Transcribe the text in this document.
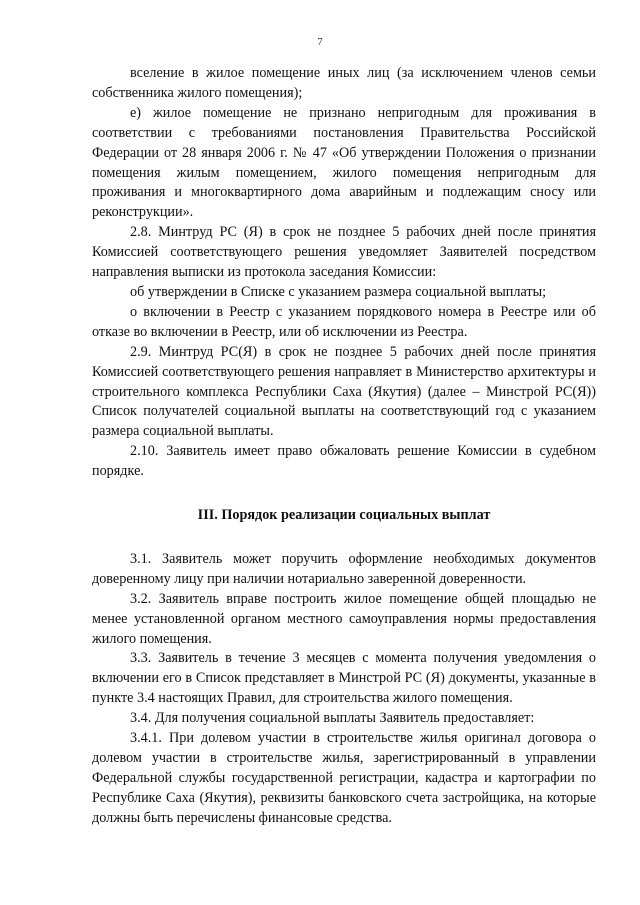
7

вселение в жилое помещение иных лиц (за исключением членов семьи собственника жилого помещения);

е) жилое помещение не признано непригодным для проживания в соответствии с требованиями постановления Правительства Российской Федерации от 28 января 2006 г. № 47 «Об утверждении Положения о признании помещения жилым помещением, жилого помещения непригодным для проживания и многоквартирного дома аварийным и подлежащим сносу или реконструкции».

2.8. Минтруд РС (Я) в срок не позднее 5 рабочих дней после принятия Комиссией соответствующего решения уведомляет Заявителей посредством направления выписки из протокола заседания Комиссии:

об утверждении в Списке с указанием размера социальной выплаты;

о включении в Реестр с указанием порядкового номера в Реестре или об отказе во включении в Реестр, или об исключении из Реестра.

2.9. Минтруд РС(Я) в срок не позднее 5 рабочих дней после принятия Комиссией соответствующего решения направляет в Министерство архитектуры и строительного комплекса Республики Саха (Якутия) (далее – Минстрой РС(Я)) Список получателей социальной выплаты на соответствующий год с указанием размера социальной выплаты.

2.10. Заявитель имеет право обжаловать решение Комиссии в судебном порядке.

III. Порядок реализации социальных выплат

3.1. Заявитель может поручить оформление необходимых документов доверенному лицу при наличии нотариально заверенной доверенности.

3.2. Заявитель вправе построить жилое помещение общей площадью не менее установленной органом местного самоуправления нормы предоставления жилого помещения.

3.3. Заявитель в течение 3 месяцев с момента получения уведомления о включении его в Список представляет в Минстрой РС (Я) документы, указанные в пункте 3.4 настоящих Правил, для строительства жилого помещения.

3.4. Для получения социальной выплаты Заявитель предоставляет:

3.4.1. При долевом участии в строительстве жилья оригинал договора о долевом участии в строительстве жилья, зарегистрированный в управлении Федеральной службы государственной регистрации, кадастра и картографии по Республике Саха (Якутия), реквизиты банковского счета застройщика, на которые должны быть перечислены финансовые средства.
